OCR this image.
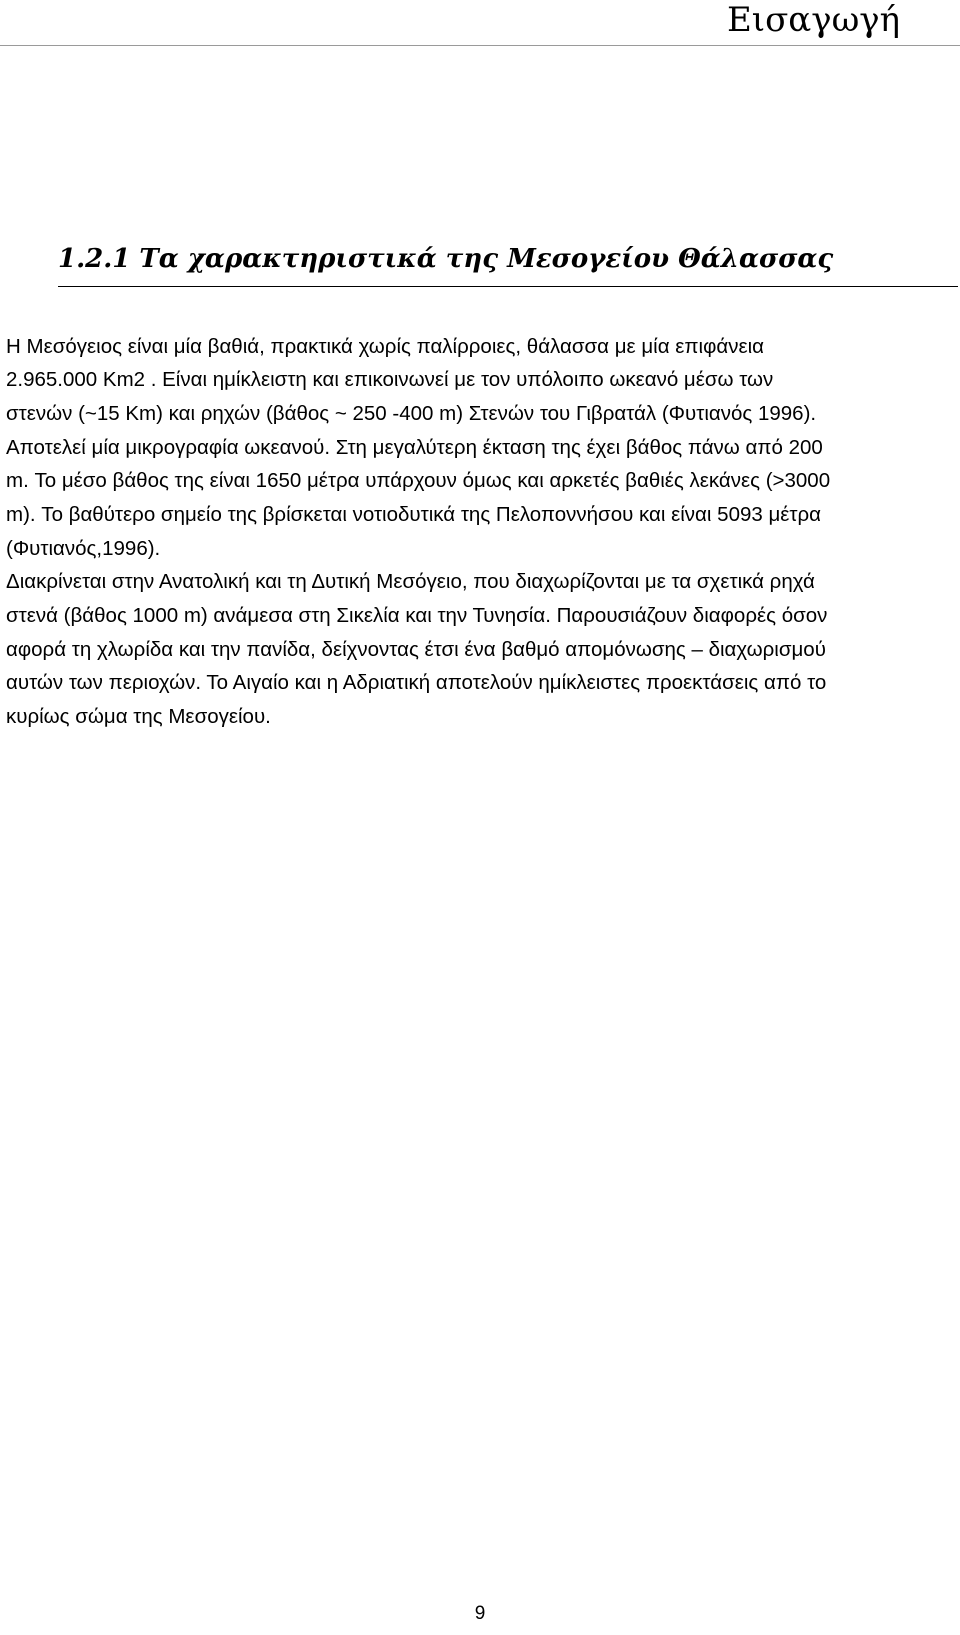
Εισαγωγή
1.2.1 Τα χαρακτηριστικά της Μεσογείου Θάλασσας
Η Μεσόγειος είναι μία βαθιά, πρακτικά χωρίς παλίρροιες, θάλασσα με μία επιφάνεια
2.965.000 Km2 . Είναι ημίκλειστη και επικοινωνεί με τον υπόλοιπο ωκεανό μέσω των
στενών (~15 Km) και ρηχών (βάθος ~ 250 -400 m) Στενών του Γιβρατάλ (Φυτιανός 1996).
Αποτελεί μία μικρογραφία ωκεανού. Στη μεγαλύτερη έκταση της έχει βάθος πάνω από 200
m. Το μέσο βάθος της είναι 1650 μέτρα υπάρχουν όμως και αρκετές βαθιές λεκάνες (>3000
m). Το βαθύτερο σημείο της βρίσκεται νοτιοδυτικά της Πελοποννήσου και είναι 5093 μέτρα
(Φυτιανός,1996).
Διακρίνεται στην Ανατολική και τη Δυτική Μεσόγειο, που διαχωρίζονται με τα σχετικά ρηχά
στενά (βάθος 1000 m) ανάμεσα στη Σικελία και την Τυνησία. Παρουσιάζουν διαφορές όσον
αφορά τη χλωρίδα και την πανίδα, δείχνοντας έτσι ένα βαθμό απομόνωσης – διαχωρισμού
αυτών των περιοχών. Το Αιγαίο και η Αδριατική αποτελούν ημίκλειστες προεκτάσεις από το
κυρίως σώμα της Μεσογείου.
9
